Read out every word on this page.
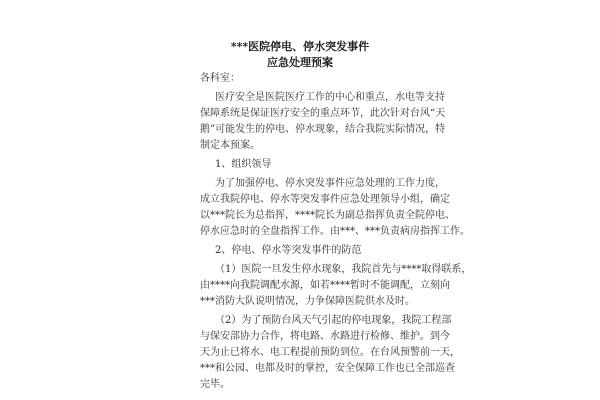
***医院停电、停水突发事件
应急处理预案
各科室：
医疗安全是医院医疗工作的中心和重点，水电等支持
保障系统是保证医疗安全的重点环节，此次针对台风“天
鹅”可能发生的停电、停水现象，结合我院实际情况，特
制定本预案。
1、组织领导
为了加强停电、停水突发事件应急处理的工作力度，
成立我院停电、停水等突发事件应急处理领导小组，确定
以***院长为总指挥，****院长为副总指挥负责全院停电、
停水应急时的全盘指挥工作。由***、***负责病房指挥工作。
2、停电、停水等突发事件的防范
（1）医院一旦发生停水现象，我院首先与****取得联系，
由****向我院调配水源，如若****暂时不能调配，立刻向
***消防大队说明情况，力争保障医院供水及时。
（2）为了预防台风天气引起的停电现象，我院工程部
与保安部协力合作，将电路、水路进行检修、维护。到今
天为止已将水、电工程提前预防到位。在台风预警前一天，
***和公园、电都及时的掌控，安全保障工作也已全部巡查
完毕。
